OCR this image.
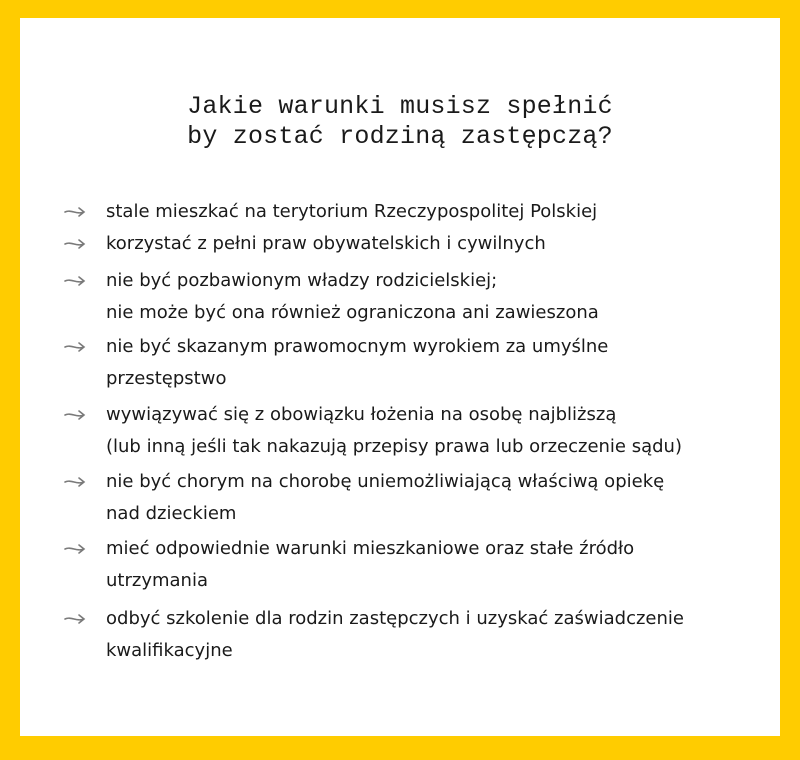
Jakie warunki musisz spełnić
by zostać rodziną zastępczą?
stale mieszkać na terytorium Rzeczypospolitej Polskiej
korzystać z pełni praw obywatelskich i cywilnych
nie być pozbawionym władzy rodzicielskiej;
nie może być ona również ograniczona ani zawieszona
nie być skazanym prawomocnym wyrokiem za umyślne
przestępstwo
wywiązywać się z obowiązku łożenia na osobę najbliższą
(lub inną jeśli tak nakazują przepisy prawa lub orzeczenie sądu)
nie być chorym na chorobę uniemożliwiającą właściwą opiekę
nad dzieckiem
mieć odpowiednie warunki mieszkaniowe oraz stałe źródło
utrzymania
odbyć szkolenie dla rodzin zastępczych i uzyskać zaświadczenie
kwalifikacyjne
